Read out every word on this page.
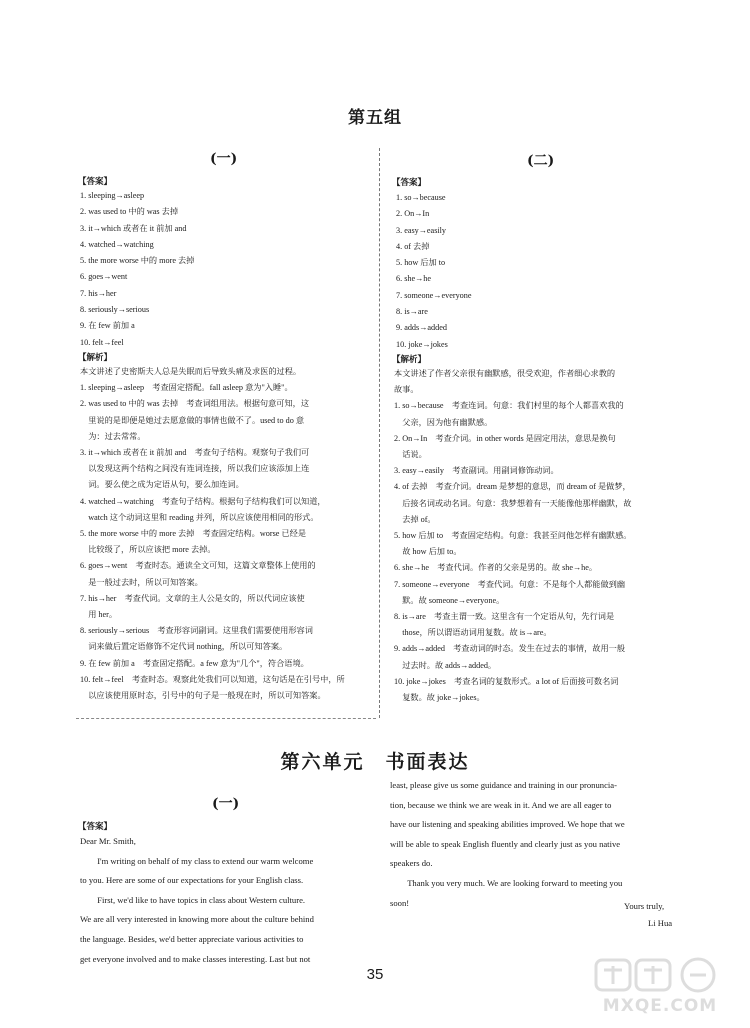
第五组
(一)
【答案】
1. sleeping→asleep
2. was used to 中的 was 去掉
3. it→which 或者在 it 前加 and
4. watched→watching
5. the more worse 中的 more 去掉
6. goes→went
7. his→her
8. seriously→serious
9. 在 few 前加 a
10. felt→feel
【解析】
本文讲述了史密斯夫人总是失眠而后导致头痛及求医的过程。
1. sleeping→asleep　考查固定搭配。fall asleep 意为"入睡"。
2. was used to 中的 was 去掉　考查词组用法。根据句意可知，这
　里说的是即便是她过去愿意做的事情也做不了。used to do 意
　为：过去常常。
3. it→which 或者在 it 前加 and　考查句子结构。观察句子我们可
　以发现这两个结构之间没有连词连接，所以我们应该添加上连
　词。要么使之成为定语从句，要么加连词。
4. watched→watching　考查句子结构。根据句子结构我们可以知道，
　watch 这个动词这里和 reading 并列，所以应该使用相同的形式。
5. the more worse 中的 more 去掉　考查固定结构。worse 已经是
　比较级了，所以应该把 more 去掉。
6. goes→went　考查时态。通读全文可知，这篇文章整体上使用的
　是一般过去时，所以可知答案。
7. his→her　考查代词。文章的主人公是女的，所以代词应该使
　用 her。
8. seriously→serious　考查形容词副词。这里我们需要使用形容词
　词来做后置定语修饰不定代词 nothing，所以可知答案。
9. 在 few 前加 a　考查固定搭配。a few 意为"几个"，符合语境。
10. felt→feel　考查时态。观察此处我们可以知道，这句话是在引号中，所
　以应该使用原时态，引号中的句子是一般现在时，所以可知答案。
(二)
【答案】
1. so→because
2. On→In
3. easy→easily
4. of 去掉
5. how 后加 to
6. she→he
7. someone→everyone
8. is→are
9. adds→added
10. joke→jokes
【解析】
本文讲述了作者父亲很有幽默感，很受欢迎，作者细心求教的
故事。
1. so→because　考查连词。句意：我们村里的每个人都喜欢我的
　父亲，因为他有幽默感。
2. On→In　考查介词。in other words 是固定用法，意思是换句
　话说。
3. easy→easily　考查副词。用副词修饰动词。
4. of 去掉　考查介词。dream 是梦想的意思，而 dream of 是做梦，
　后接名词或动名词。句意：我梦想着有一天能像他那样幽默，故
　去掉 of。
5. how 后加 to　考查固定结构。句意：我甚至问他怎样有幽默感。
　故 how 后加 to。
6. she→he　考查代词。作者的父亲是男的。故 she→he。
7. someone→everyone　考查代词。句意：不是每个人都能做到幽
　默。故 someone→everyone。
8. is→are　考查主谓一致。这里含有一个定语从句，先行词是
　those，所以谓语动词用复数。故 is→are。
9. adds→added　考查动词的时态。发生在过去的事情，故用一般
　过去时。故 adds→added。
10. joke→jokes　考查名词的复数形式。a lot of 后面接可数名词
　复数。故 joke→jokes。
第六单元　书面表达
(一)
【答案】
Dear Mr. Smith,
　　I'm writing on behalf of my class to extend our warm welcome
to you. Here are some of our expectations for your English class.
　　First, we'd like to have topics in class about Western culture.
We are all very interested in knowing more about the culture behind
the language. Besides, we'd better appreciate various activities to
get everyone involved and to make classes interesting. Last but not
least, please give us some guidance and training in our pronuncia-
tion, because we think we are weak in it. And we are all eager to
have our listening and speaking abilities improved. We hope that we
will be able to speak English fluently and clearly just as you native
speakers do.
　　Thank you very much. We are looking forward to meeting you
soon!	Yours truly,
Li Hua
35
MXQE.COM
